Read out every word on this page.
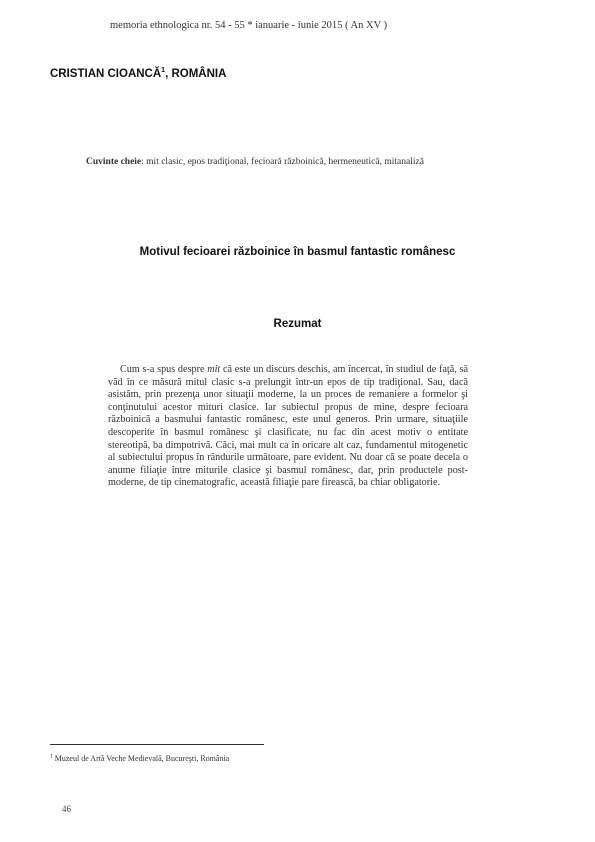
memoria ethnologica nr. 54 - 55 * ianuarie - iunie 2015 ( An XV )
CRISTIAN CIOANCĂ$^1$, ROMÂNIA
Cuvinte cheie: mit clasic, epos tradiţional, fecioară războinică, hermeneutică, mitanaliză
Motivul fecioarei războinice în basmul fantastic românesc
Rezumat

Cum s-a spus despre mit că este un discurs deschis, am încercat, în studiul de faţă, să văd în ce măsură mitul clasic s-a prelungit într-un epos de tip tradiţional. Sau, dacă asistăm, prin prezenţa unor situaţii moderne, la un proces de remaniere a formelor şi conţinutului acestor mituri clasice. Iar subiectul propus de mine, despre fecioara războinică a basmului fantastic românesc, este unul generos. Prin urmare, situaţiile descoperite în basmul românesc şi clasificate, nu fac din acest motiv o entitate stereotipă, ba dimpotrivă. Căci, mai mult ca în oricare alt caz, fundamentul mitogenetic al subiectului propus în rândurile următoare, pare evident. Nu doar că se poate decela o anume filiaţie între miturile clasice şi basmul românesc, dar, prin productele post-moderne, de tip cinematografic, această filiaţie pare firească, ba chiar obligatorie.

$^1$ Muzeul de Artă Veche Medievală, Bucureşti, România
46
